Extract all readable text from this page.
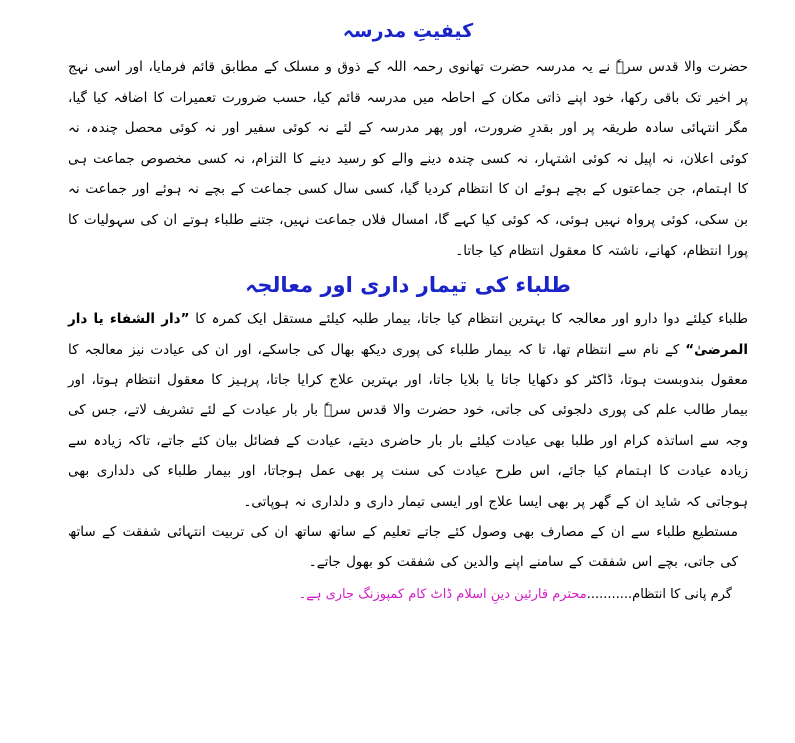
کیفیتِ مدرسہ

حضرت والا قدس سرہٗ نے یہ مدرسہ حضرت تھانوی رحمہ اللہ کے ذوق و مسلک کے مطابق قائم فرمایا، اور اسی نہج پر اخیر تک باقی رکھا، خود اپنے ذاتی مکان کے احاطہ میں مدرسہ قائم کیا، حسب ضرورت تعمیرات کا اضافہ کیا گیا، مگر انتہائی سادہ طریقہ پر اور بقدرِ ضرورت، اور پھر مدرسہ کے لئے نہ کوئی سفیر اور نہ کوئی محصل چندہ، نہ کوئی اعلان، نہ اپیل نہ کوئی اشتہار، نہ کسی چندہ دینے والے کو رسید دینے کا التزام، نہ کسی مخصوص جماعت ہی کا اہتمام، جن جماعتوں کے بچے ہوئے ان کا انتظام کردیا گیا، کسی سال کسی جماعت کے بچے نہ ہوئے اور جماعت نہ بن سکی، کوئی پرواہ نہیں ہوئی، کہ کوئی کیا کہے گا، امسال فلاں جماعت نہیں، جتنے طلباء ہوتے ان کی سہولیات کا پورا انتظام، کھانے، ناشتہ کا معقول انتظام کیا جاتا۔

طلباء کی تیمار داری اور معالجہ

طلباء کیلئے دوا دارو اور معالجہ کا بہترین انتظام کیا جاتا، بیمار طلبہ کیلئے مستقل ایک کمرہ کا ”دار الشفاء یا دار المرضیٰ“ کے نام سے انتظام تھا، تا کہ بیمار طلباء کی پوری دیکھ بھال کی جاسکے، اور ان کی عیادت نیز معالجہ کا معقول بندوبست ہوتا، ڈاکٹر کو دکھایا جاتا یا بلایا جاتا، اور بہترین علاج کرایا جاتا، پرہیز کا معقول انتظام ہوتا، اور بیمار طالب علم کی پوری دلجوئی کی جاتی، خود حضرت والا قدس سرہٗ بار بار عیادت کے لئے تشریف لاتے، جس کی وجہ سے اساتذہ کرام اور طلبا بھی عیادت کیلئے بار بار حاضری دیتے، عیادت کے فضائل بیان کئے جاتے، تاکہ زیادہ سے زیادہ عیادت کا اہتمام کیا جائے، اس طرح عیادت کی سنت پر بھی عمل ہوجاتا، اور بیمار طلباء کی دلداری بھی ہوجاتی کہ شاید ان کے گھر پر بھی ایسا علاج اور ایسی تیمار داری و دلداری نہ ہوپاتی۔

مستطیع طلباء سے ان کے مصارف بھی وصول کئے جاتے تعلیم کے ساتھ ساتھ ان کی تربیت انتہائی شفقت کے ساتھ کی جاتی، بچے اس شفقت کے سامنے اپنے والدین کی شفقت کو بھول جاتے۔

گرم پانی کا انتظام...........محترم قارئین دینِ اسلام ڈاٹ کام کمپوزنگ جاری ہے۔
